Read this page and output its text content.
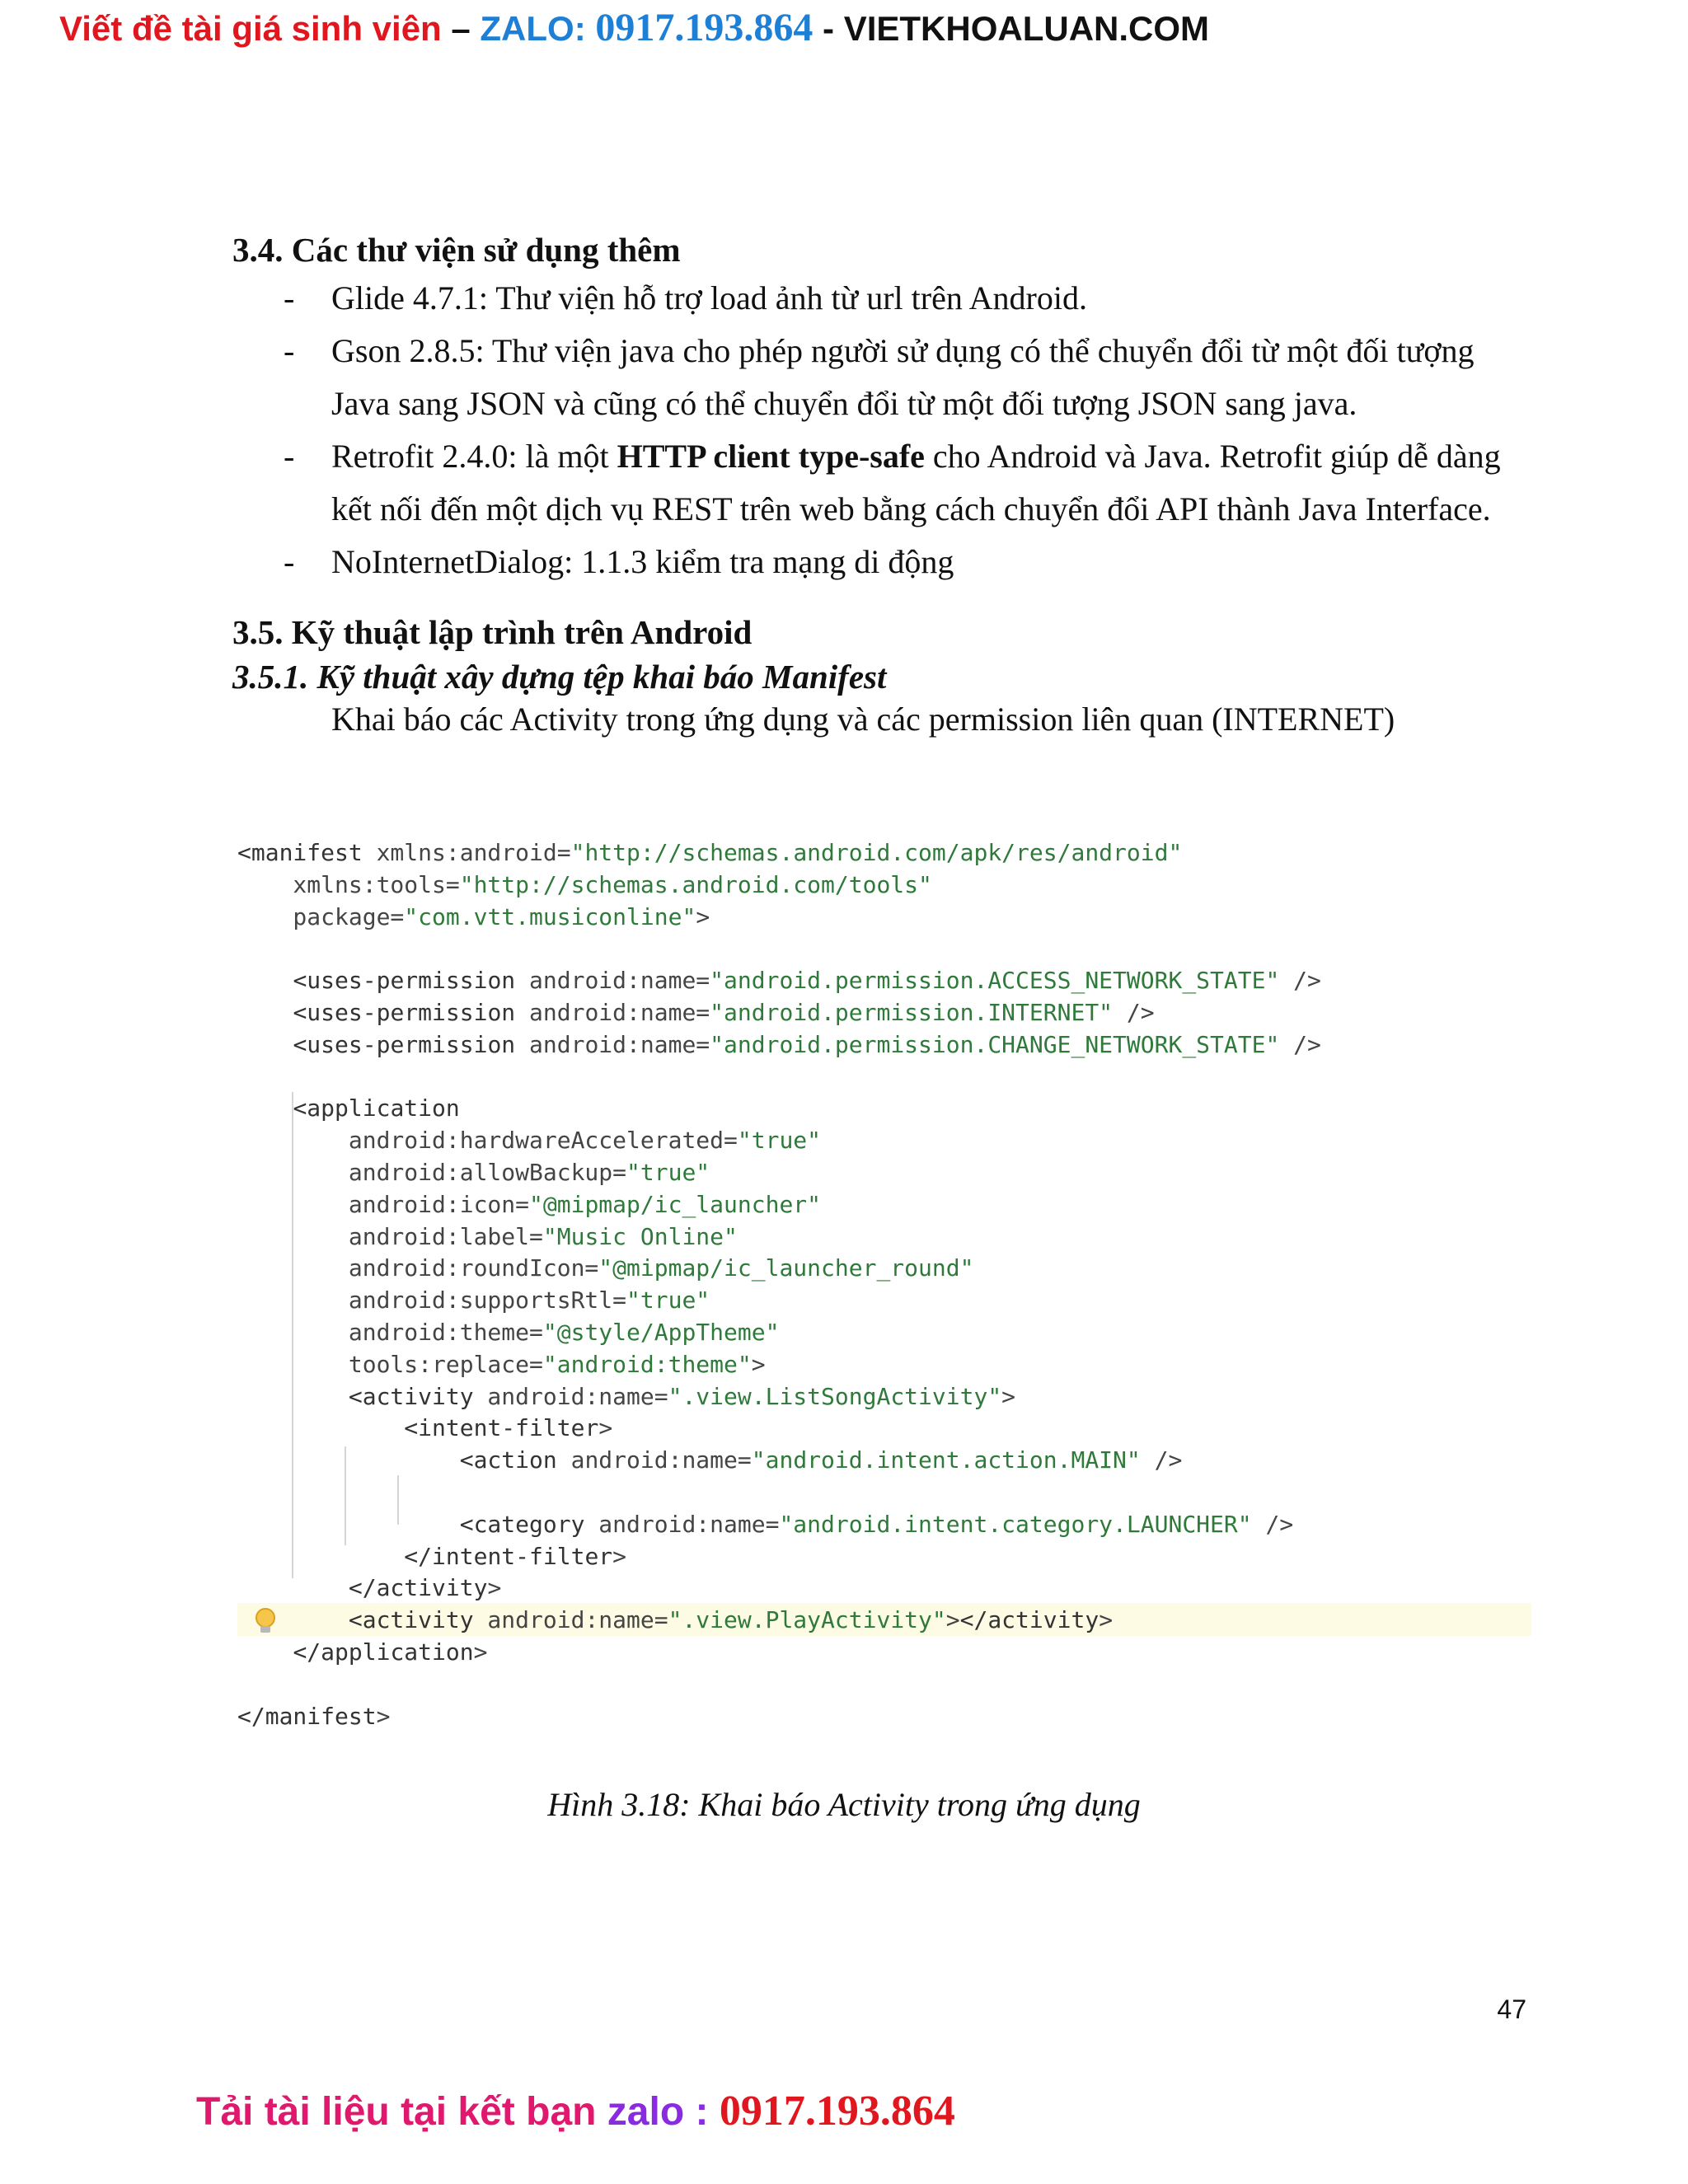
Viết đề tài giá sinh viên – ZALO: 0917.193.864 - VIETKHOALUAN.COM

3.4. Các thư viện sử dụng thêm

- Glide 4.7.1: Thư viện hỗ trợ load ảnh từ url trên Android.
- Gson 2.8.5: Thư viện java cho phép người sử dụng có thể chuyển đổi từ một đối tượng Java sang JSON và cũng có thể chuyển đổi từ một đối tượng JSON sang java.
- Retrofit 2.4.0: là một HTTP client type-safe cho Android và Java. Retrofit giúp dễ dàng kết nối đến một dịch vụ REST trên web bằng cách chuyển đổi API thành Java Interface.
- NoInternetDialog: 1.1.3 kiểm tra mạng di động

3.5. Kỹ thuật lập trình trên Android

3.5.1. Kỹ thuật xây dựng tệp khai báo Manifest

Khai báo các Activity trong ứng dụng và các permission liên quan (INTERNET)

<manifest xmlns:android="http://schemas.android.com/apk/res/android"
xmlns:tools="http://schemas.android.com/tools"
package="com.vtt.musiconline">
<uses-permission android:name="android.permission.ACCESS_NETWORK_STATE" />
<uses-permission android:name="android.permission.INTERNET" />
<uses-permission android:name="android.permission.CHANGE_NETWORK_STATE" />
<application
android:hardwareAccelerated="true"
android:allowBackup="true"
android:icon="@mipmap/ic_launcher"
android:label="Music Online"
android:roundIcon="@mipmap/ic_launcher_round"
android:supportsRtl="true"
android:theme="@style/AppTheme"
tools:replace="android:theme">
<activity android:name=".view.ListSongActivity">
<intent-filter>
<action android:name="android.intent.action.MAIN" />
<category android:name="android.intent.category.LAUNCHER" />
</intent-filter>
</activity>
<activity android:name=".view.PlayActivity"></activity>
</application>
</manifest>
Hình 3.18: Khai báo Activity trong ứng dụng
47
Tải tài liệu tại kết bạn zalo : 0917.193.864
